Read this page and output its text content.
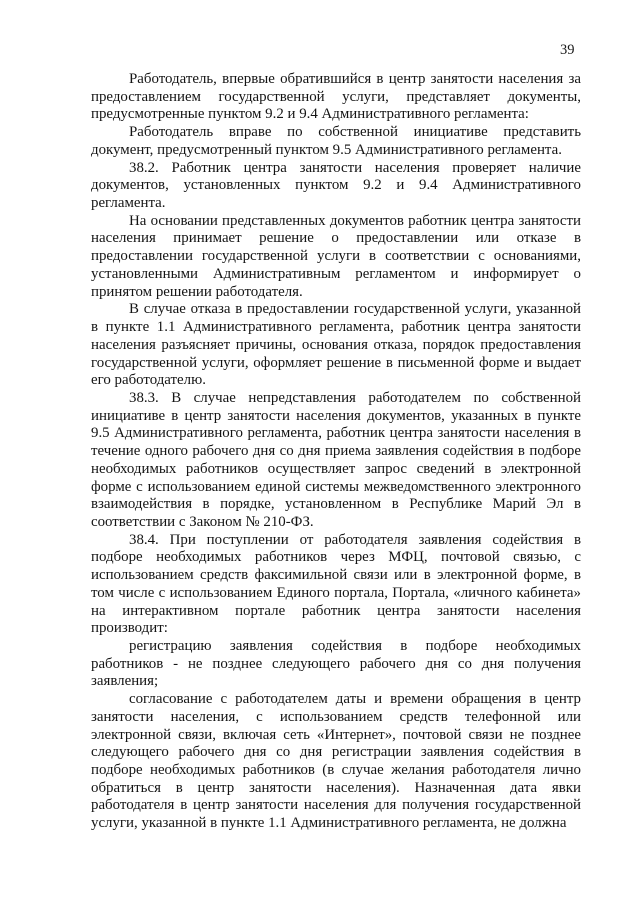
39

Работодатель, впервые обратившийся в центр занятости населения за предоставлением государственной услуги, представляет документы, предусмотренные пунктом 9.2 и 9.4 Административного регламента:

Работодатель вправе по собственной инициативе представить документ, предусмотренный пунктом 9.5 Административного регламента.

38.2. Работник центра занятости населения проверяет наличие документов, установленных пунктом 9.2 и 9.4 Административного регламента.

На основании представленных документов работник центра занятости населения принимает решение о предоставлении или отказе в предоставлении государственной услуги в соответствии с основаниями, установленными Административным регламентом и информирует о принятом решении работодателя.

В случае отказа в предоставлении государственной услуги, указанной в пункте 1.1 Административного регламента, работник центра занятости населения разъясняет причины, основания отказа, порядок предоставления государственной услуги, оформляет решение в письменной форме и выдает его работодателю.

38.3. В случае непредставления работодателем по собственной инициативе в центр занятости населения документов, указанных в пункте 9.5 Административного регламента, работник центра занятости населения в течение одного рабочего дня со дня приема заявления содействия в подборе необходимых работников осуществляет запрос сведений в электронной форме с использованием единой системы межведомственного электронного взаимодействия в порядке, установленном в Республике Марий Эл в соответствии с Законом № 210-ФЗ.

38.4. При поступлении от работодателя заявления содействия в подборе необходимых работников через МФЦ, почтовой связью, с использованием средств факсимильной связи или в электронной форме, в том числе с использованием Единого портала, Портала, «личного кабинета» на интерактивном портале работник центра занятости населения производит:

регистрацию заявления содействия в подборе необходимых работников - не позднее следующего рабочего дня со дня получения заявления;

согласование с работодателем даты и времени обращения в центр занятости населения, с использованием средств телефонной или электронной связи, включая сеть «Интернет», почтовой связи не позднее следующего рабочего дня со дня регистрации заявления содействия в подборе необходимых работников (в случае желания работодателя лично обратиться в центр занятости населения). Назначенная дата явки работодателя в центр занятости населения для получения государственной услуги, указанной в пункте 1.1 Административного регламента, не должна
